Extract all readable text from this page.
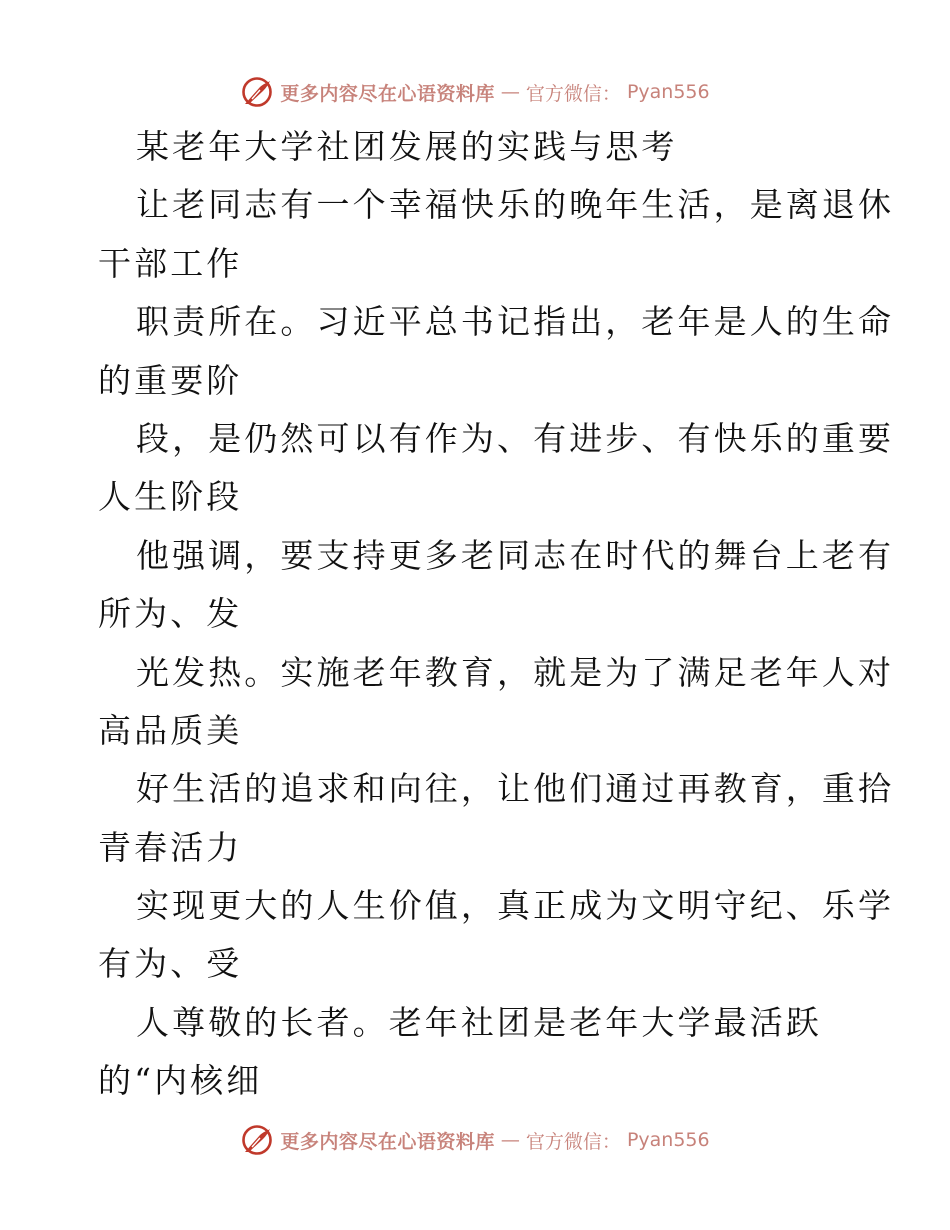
更多内容尽在心语资料库 — 官方微信： Pyan556
某老年大学社团发展的实践与思考
让老同志有一个幸福快乐的晚年生活，是离退休
干部工作
职责所在。习近平总书记指出，老年是人的生命
的重要阶
段，是仍然可以有作为、有进步、有快乐的重要
人生阶段
他强调，要支持更多老同志在时代的舞台上老有
所为、发
光发热。实施老年教育，就是为了满足老年人对
高品质美
好生活的追求和向往，让他们通过再教育，重拾
青春活力
实现更大的人生价值，真正成为文明守纪、乐学
有为、受
人尊敬的长者。老年社团是老年大学最活跃
的“内核细
更多内容尽在心语资料库 — 官方微信： Pyan556
